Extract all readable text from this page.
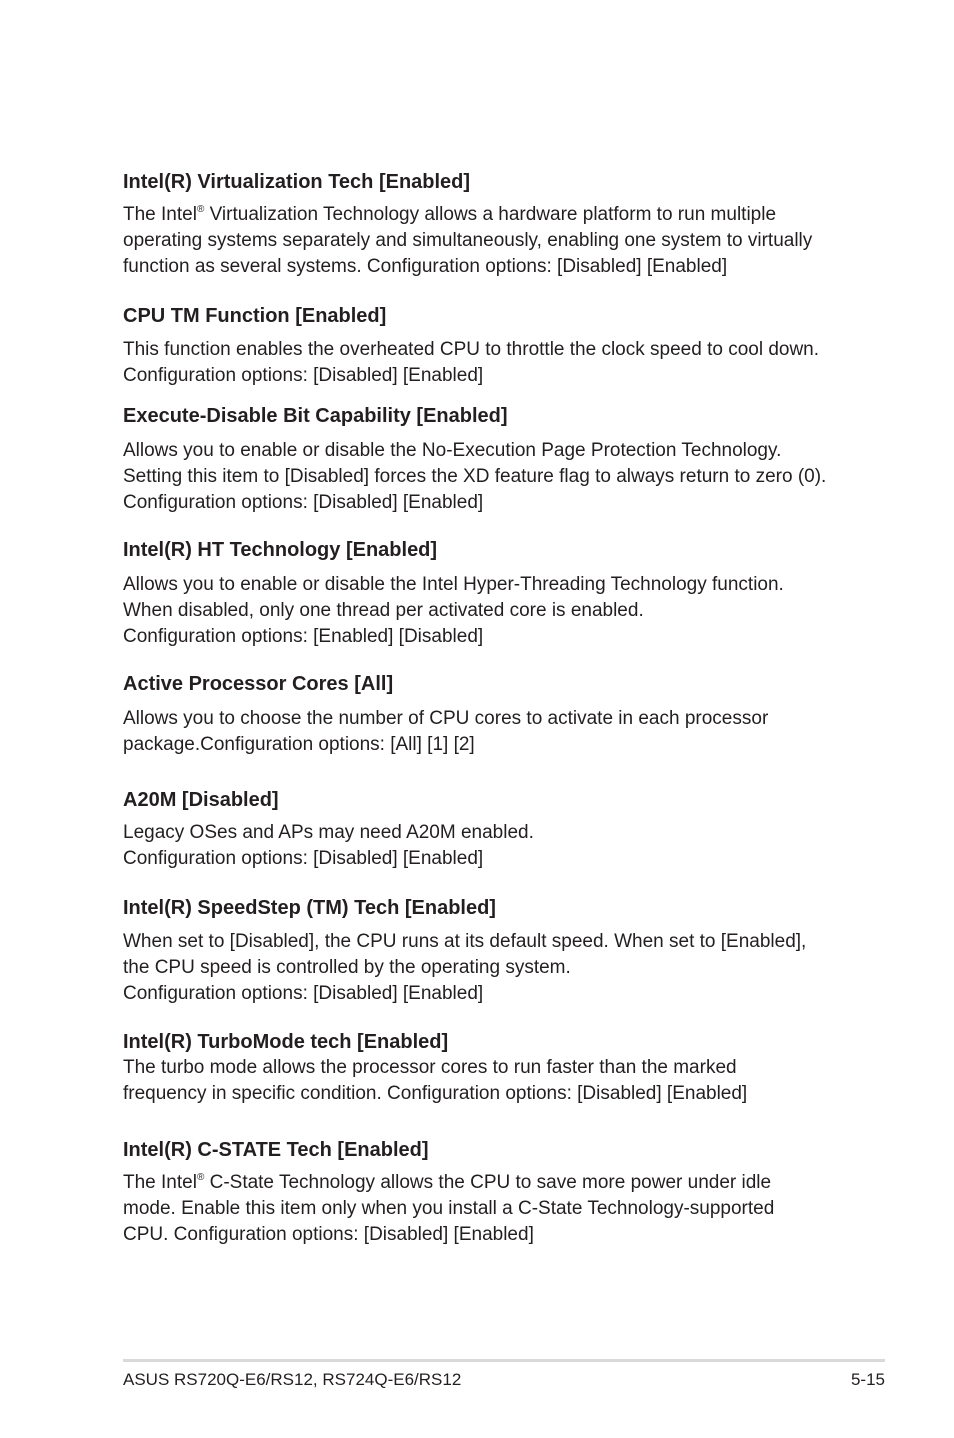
Intel(R) Virtualization Tech [Enabled]
The Intel® Virtualization Technology allows a hardware platform to run multiple
operating systems separately and simultaneously, enabling one system to virtually
function as several systems. Configuration options: [Disabled] [Enabled]
CPU TM Function [Enabled]
This function enables the overheated CPU to throttle the clock speed to cool down.
Configuration options: [Disabled] [Enabled]
Execute-Disable Bit Capability [Enabled]
Allows you to enable or disable the No-Execution Page Protection Technology.
Setting this item to [Disabled] forces the XD feature flag to always return to zero (0).
Configuration options: [Disabled] [Enabled]
Intel(R) HT Technology [Enabled]
Allows you to enable or disable the Intel Hyper-Threading Technology function.
When disabled, only one thread per activated core is enabled.
Configuration options: [Enabled] [Disabled]
Active Processor Cores [All]
Allows you to choose the number of CPU cores to activate in each processor
package.Configuration options: [All] [1] [2]
A20M [Disabled]
Legacy OSes and APs may need A20M enabled.
Configuration options: [Disabled] [Enabled]
Intel(R) SpeedStep (TM) Tech [Enabled]
When set to [Disabled], the CPU runs at its default speed. When set to [Enabled],
the CPU speed is controlled by the operating system.
Configuration options: [Disabled] [Enabled]
Intel(R) TurboMode tech [Enabled]
The turbo mode allows the processor cores to run faster than the marked
frequency in specific condition. Configuration options: [Disabled] [Enabled]
Intel(R) C-STATE Tech [Enabled]
The Intel® C-State Technology allows the CPU to save more power under idle
mode. Enable this item only when you install a C-State Technology-supported
CPU. Configuration options: [Disabled] [Enabled]
ASUS RS720Q-E6/RS12, RS724Q-E6/RS12	5-15
